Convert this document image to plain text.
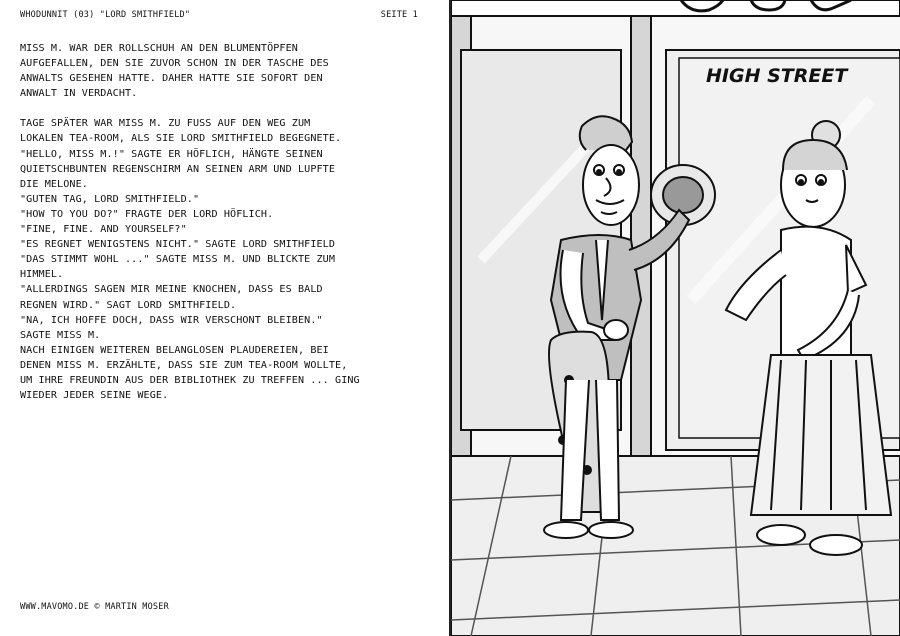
WHODUNNIT (03) "LORD SMITHFIELD"	SEITE 1
MISS M. WAR DER ROLLSCHUH AN DEN BLUMENTÖPFEN
AUFGEFALLEN, DEN SIE ZUVOR SCHON IN DER TASCHE DES
ANWALTS GESEHEN HATTE. DAHER HATTE SIE SOFORT DEN
ANWALT IN VERDACHT.
TAGE SPÄTER WAR MISS M. ZU FUSS AUF DEN WEG ZUM
LOKALEN TEA-ROOM, ALS SIE LORD SMITHFIELD BEGEGNETE.
"HELLO, MISS M.!" SAGTE ER HÖFLICH, HÄNGTE SEINEN
QUIETSCHBUNTEN REGENSCHIRM AN SEINEN ARM UND LUPFTE
DIE MELONE.
"GUTEN TAG, LORD SMITHFIELD."
"HOW TO YOU DO?" FRAGTE DER LORD HÖFLICH.
"FINE, FINE. AND YOURSELF?"
"ES REGNET WENIGSTENS NICHT." SAGTE LORD SMITHFIELD
"DAS STIMMT WOHL ..." SAGTE MISS M. UND BLICKTE ZUM
HIMMEL.
"ALLERDINGS SAGEN MIR MEINE KNOCHEN, DASS ES BALD
REGNEN WIRD." SAGT LORD SMITHFIELD.
"NA, ICH HOFFE DOCH, DASS WIR VERSCHONT BLEIBEN."
SAGTE MISS M.
NACH EINIGEN WEITEREN BELANGLOSEN PLAUDEREIEN, BEI
DENEN MISS M. ERZÄHLTE, DASS SIE ZUM TEA-ROOM WOLLTE,
UM IHRE FREUNDIN AUS DER BIBLIOTHEK ZU TREFFEN ... GING
WIEDER JEDER SEINE WEGE.
WWW.MAVOMO.DE © MARTIN MOSER
HIGH STREET
